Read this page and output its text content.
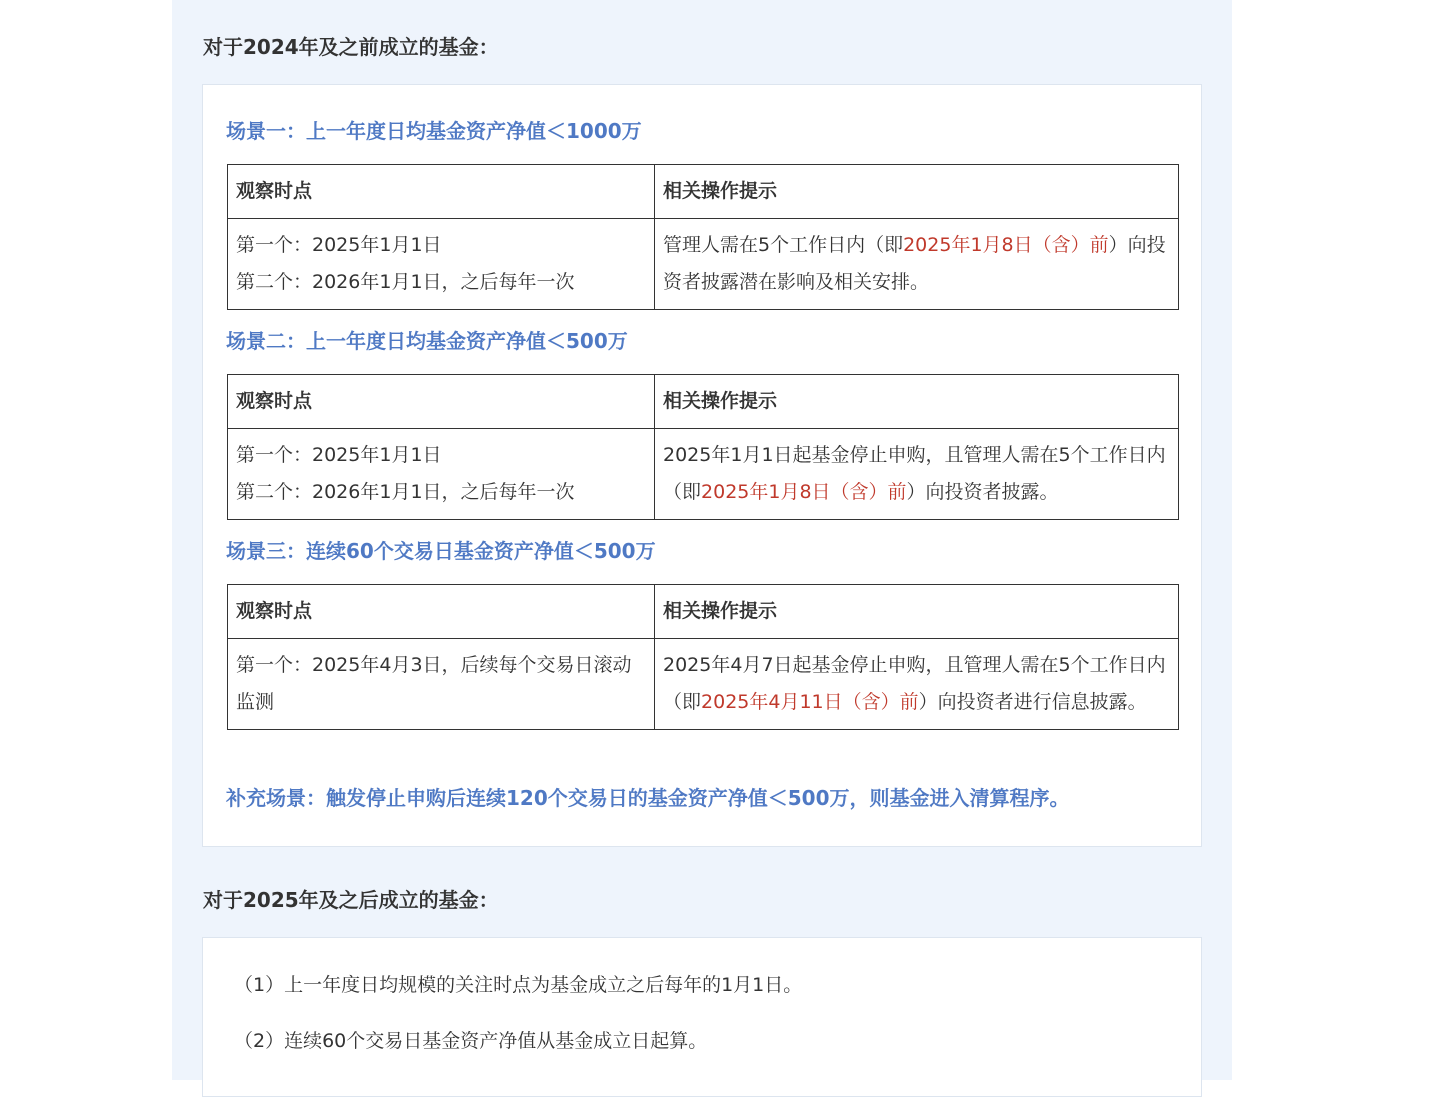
对于2024年及之前成立的基金：
场景一：上一年度日均基金资产净值＜1000万
观察时点	相关操作提示

第一个：2025年1月1日
第二个：2026年1月1日，之后每年一次	管理人需在5个工作日内（即2025年1月8日（含）前）向投资者披露潜在影响及相关安排。
场景二：上一年度日均基金资产净值＜500万
观察时点	相关操作提示

第一个：2025年1月1日
第二个：2026年1月1日，之后每年一次	2025年1月1日起基金停止申购，且管理人需在5个工作日内（即2025年1月8日（含）前）向投资者披露。
场景三：连续60个交易日基金资产净值＜500万
观察时点	相关操作提示

第一个：2025年4月3日，后续每个交易日滚动监测	2025年4月7日起基金停止申购，且管理人需在5个工作日内（即2025年4月11日（含）前）向投资者进行信息披露。
补充场景：触发停止申购后连续120个交易日的基金资产净值＜500万，则基金进入清算程序。
对于2025年及之后成立的基金：
（1）上一年度日均规模的关注时点为基金成立之后每年的1月1日。
（2）连续60个交易日基金资产净值从基金成立日起算。
